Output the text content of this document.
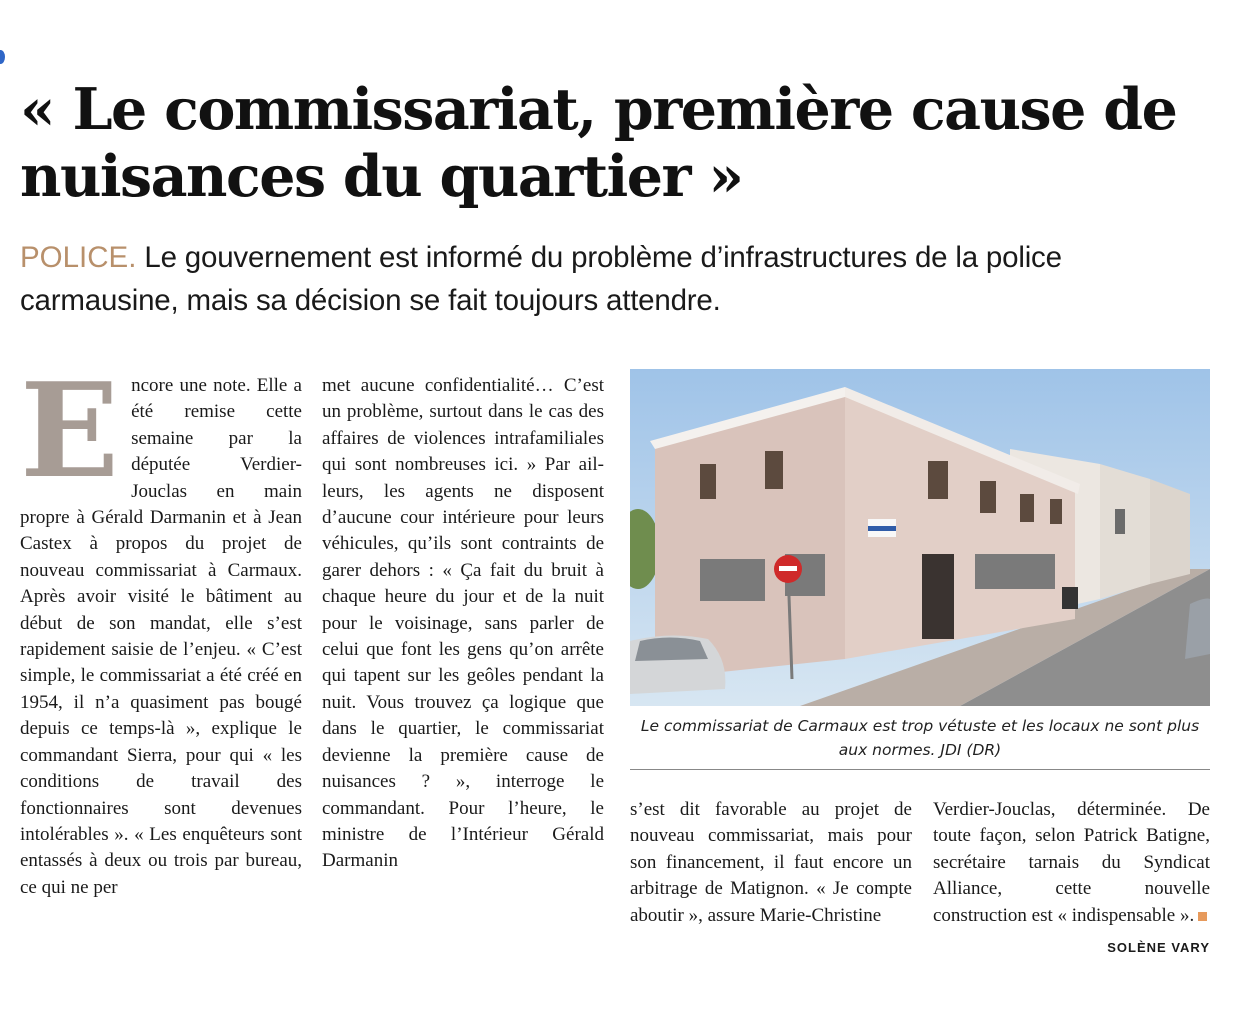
« Le commissariat, première cause de nuisances du quartier »

POLICE. Le gouvernement est informé du problème d’infrastructures de la police carmausine, mais sa décision se fait toujours attendre.

E ncore une note. Elle a été remise cette semaine par la députée Verdier-Jouclas en main propre à Gérald Darmanin et à Jean Castex à propos du projet de nouveau commissariat à Carmaux. Après avoir visité le bâtiment au début de son mandat, elle s’est rapidement saisie de l’enjeu. « C’est simple, le commissariat a été créé en 1954, il n’a quasiment pas bougé depuis ce temps-là », explique le commandant Sierra, pour qui « les conditions de travail des fonctionnaires sont devenues intolérables ». « Les enquêteurs sont entassés à deux ou trois par bureau, ce qui ne per

met aucune confidentialité… C’est un problème, surtout dans le cas des affaires de violences intrafamiliales qui sont nombreuses ici. » Par ailleurs, les agents ne disposent d’aucune cour intérieure pour leurs véhicules, qu’ils sont contraints de garer dehors : « Ça fait du bruit à chaque heure du jour et de la nuit pour le voisinage, sans parler de celui que font les gens qu’on arrête qui tapent sur les geôles pendant la nuit. Vous trouvez ça logique que dans le quartier, le commissariat devienne la première cause de nuisances ? », interroge le commandant. Pour l’heure, le ministre de l’Intérieur Gérald Darmanin

Le commissariat de Carmaux est trop vétuste et les locaux ne sont plus aux normes. JDI (DR)

s’est dit favorable au projet de nouveau commissariat, mais pour son financement, il faut encore un arbitrage de Matignon. « Je compte aboutir », assure Marie-Christine

Verdier-Jouclas, déterminée. De toute façon, selon Patrick Batigne, secrétaire tarnais du Syndicat Alliance, cette nouvelle construction est « indispensable ».
SOLÈNE VARY
